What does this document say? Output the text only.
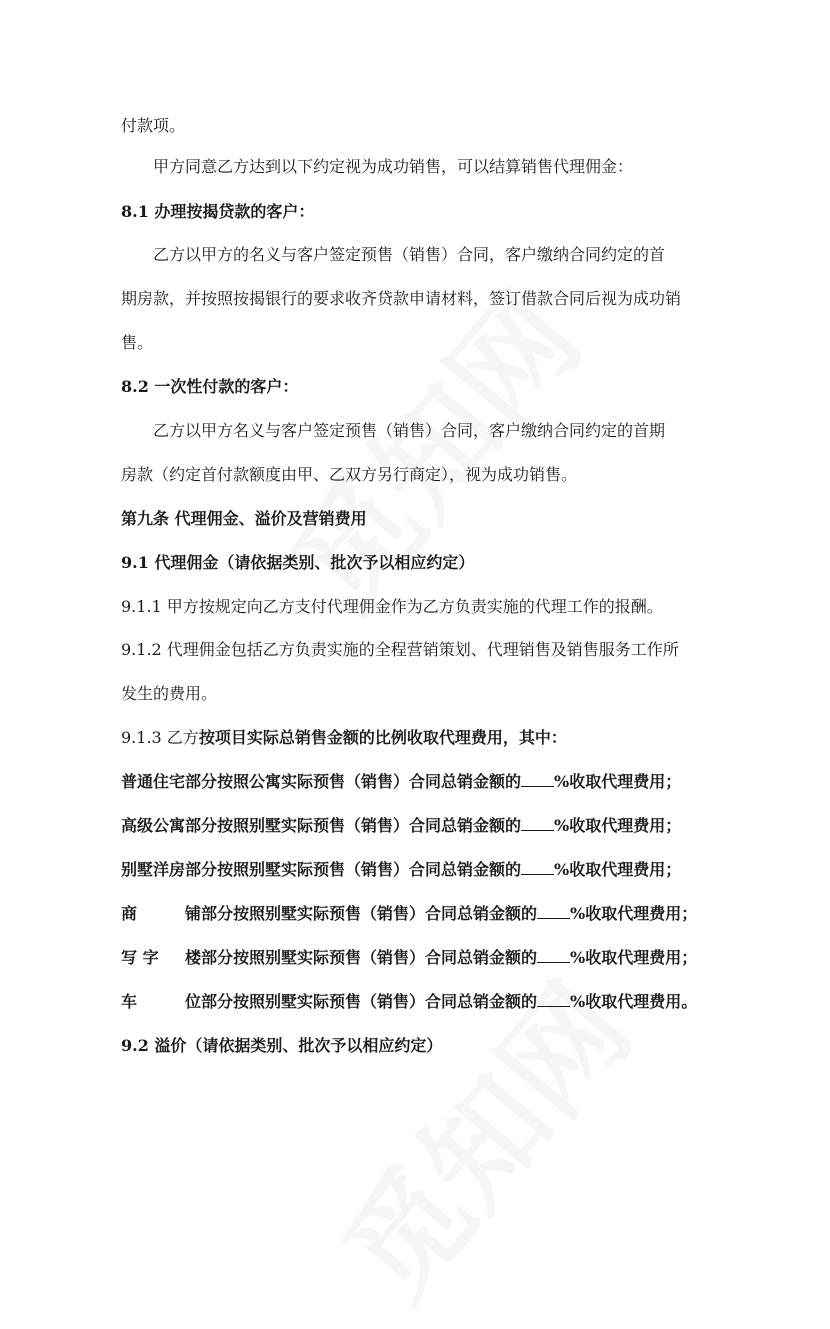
付款项。
甲方同意乙方达到以下约定视为成功销售，可以结算销售代理佣金：
8.1 办理按揭贷款的客户：
乙方以甲方的名义与客户签定预售（销售）合同，客户缴纳合同约定的首
期房款，并按照按揭银行的要求收齐贷款申请材料，签订借款合同后视为成功销
售。
8.2 一次性付款的客户：
乙方以甲方名义与客户签定预售（销售）合同，客户缴纳合同约定的首期
房款（约定首付款额度由甲、乙双方另行商定），视为成功销售。
第九条 代理佣金、溢价及营销费用
9.1 代理佣金（请依据类别、批次予以相应约定）
9.1.1 甲方按规定向乙方支付代理佣金作为乙方负责实施的代理工作的报酬。
9.1.2 代理佣金包括乙方负责实施的全程营销策划、代理销售及销售服务工作所
发生的费用。
9.1.3 乙方按项目实际总销售金额的比例收取代理费用，其中：
普通住宅部分按照公寓实际预售（销售）合同总销金额的 %收取代理费用；
高级公寓部分按照别墅实际预售（销售）合同总销金额的 %收取代理费用；
别墅洋房部分按照别墅实际预售（销售）合同总销金额的 %收取代理费用；
商	铺部分按照别墅实际预售（销售）合同总销金额的 %收取代理费用；
写 字 楼部分按照别墅实际预售（销售）合同总销金额的 %收取代理费用；
车	位部分按照别墅实际预售（销售）合同总销金额的 %收取代理费用。
9.2 溢价（请依据类别、批次予以相应约定）
